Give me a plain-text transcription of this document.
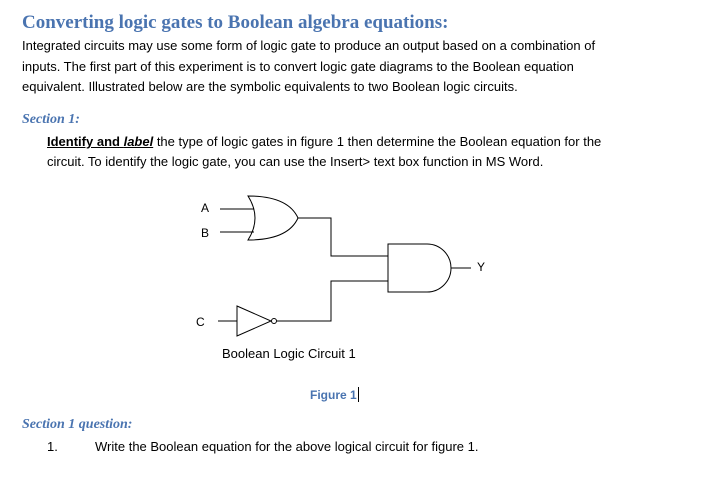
Converting logic gates to Boolean algebra equations:
Integrated circuits may use some form of logic gate to produce an output based on a combination of
inputs. The first part of this experiment is to convert logic gate diagrams to the Boolean equation
equivalent. Illustrated below are the symbolic equivalents to two Boolean logic circuits.
Section 1:
Identify and label the type of logic gates in figure 1 then determine the Boolean equation for the
circuit. To identify the logic gate, you can use the Insert> text box function in MS Word.
A
B
C
Y
Boolean Logic Circuit 1
Figure 1
Section 1 question:
1.	Write the Boolean equation for the above logical circuit for figure 1.
